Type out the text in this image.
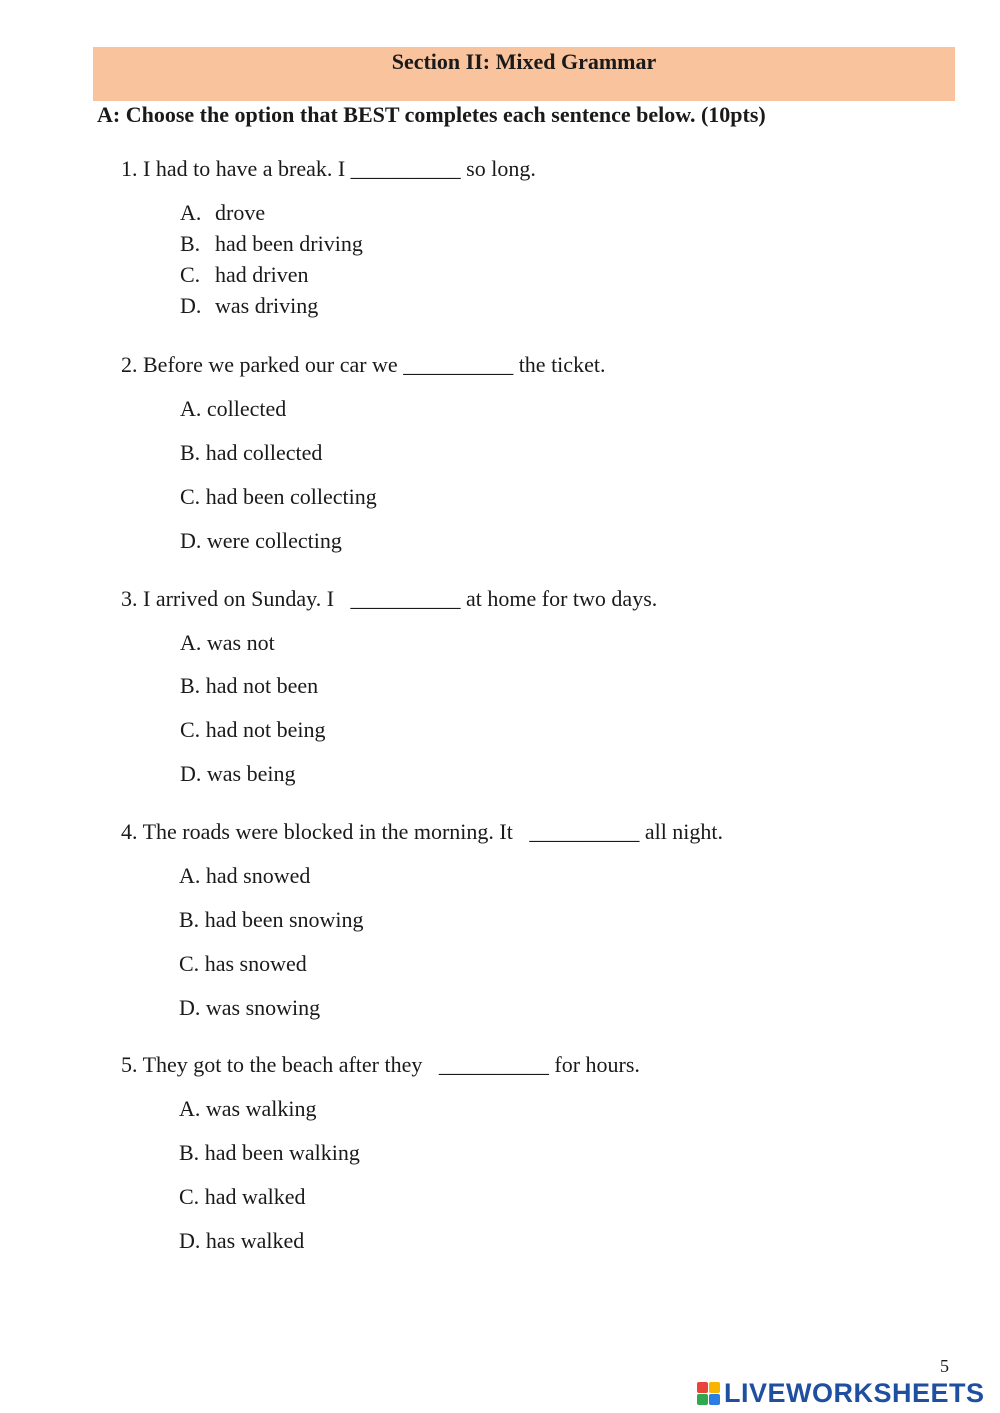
Section II: Mixed Grammar
A: Choose the option that BEST completes each sentence below. (10pts)
1. I had to have a break. I __________ so long.
A. drove
B. had been driving
C. had driven
D. was driving
2. Before we parked our car we __________ the ticket.
A. collected
B. had collected
C. had been collecting
D. were collecting
3. I arrived on Sunday. I   __________ at home for two days.
A. was not
B. had not been
C. had not being
D. was being
4. The roads were blocked in the morning. It   __________ all night.
A. had snowed
B. had been snowing
C. has snowed
D. was snowing
5. They got to the beach after they   __________ for hours.
A. was walking
B. had been walking
C. had walked
D. has walked
5
LIVEWORKSHEETS
